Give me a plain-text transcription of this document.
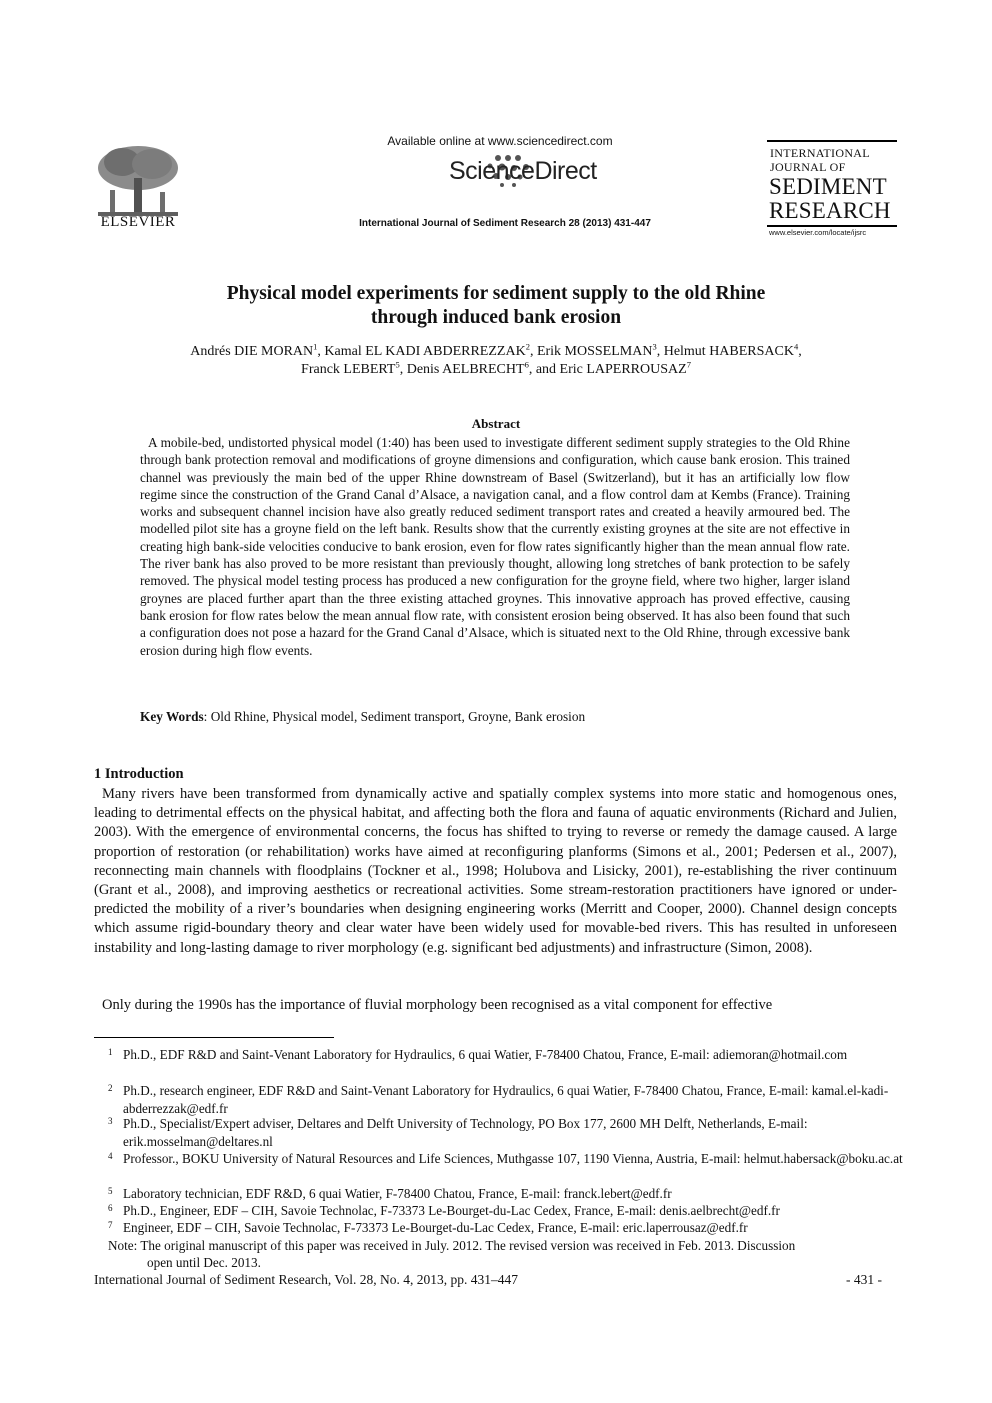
ELSEVIER
Available online at www.sciencedirect.com
ScienceDirect
International Journal of Sediment Research 28 (2013) 431-447
INTERNATIONAL
JOURNAL OF
SEDIMENT
RESEARCH
www.elsevier.com/locate/ijsrc
Physical model experiments for sediment supply to the old Rhine
through induced bank erosion
Andrés DIE MORAN$^1$, Kamal EL KADI ABDERREZZAK$^2$, Erik MOSSELMAN$^3$, Helmut HABERSACK$^4$,
Franck LEBERT$^5$, Denis AELBRECHT$^6$, and Eric LAPERROUSAZ$^7$
Abstract
A mobile-bed, undistorted physical model (1:40) has been used to investigate different sediment supply strategies to the Old Rhine through bank protection removal and modifications of groyne dimensions and configuration, which cause bank erosion. This trained channel was previously the main bed of the upper Rhine downstream of Basel (Switzerland), but it has an artificially low flow regime since the construction of the Grand Canal d’Alsace, a navigation canal, and a flow control dam at Kembs (France). Training works and subsequent channel incision have also greatly reduced sediment transport rates and created a heavily armoured bed. The modelled pilot site has a groyne field on the left bank. Results show that the currently existing groynes at the site are not effective in creating high bank-side velocities conducive to bank erosion, even for flow rates significantly higher than the mean annual flow rate. The river bank has also proved to be more resistant than previously thought, allowing long stretches of bank protection to be safely removed. The physical model testing process has produced a new configuration for the groyne field, where two higher, larger island groynes are placed further apart than the three existing attached groynes. This innovative approach has proved effective, causing bank erosion for flow rates below the mean annual flow rate, with consistent erosion being observed. It has also been found that such a configuration does not pose a hazard for the Grand Canal d’Alsace, which is situated next to the Old Rhine, through excessive bank erosion during high flow events.
Key Words: Old Rhine, Physical model, Sediment transport, Groyne, Bank erosion
1 Introduction
Many rivers have been transformed from dynamically active and spatially complex systems into more static and homogenous ones, leading to detrimental effects on the physical habitat, and affecting both the flora and fauna of aquatic environments (Richard and Julien, 2003). With the emergence of environmental concerns, the focus has shifted to trying to reverse or remedy the damage caused. A large proportion of restoration (or rehabilitation) works have aimed at reconfiguring planforms (Simons et al., 2001; Pedersen et al., 2007), reconnecting main channels with floodplains (Tockner et al., 1998; Holubova and Lisicky, 2001), re-establishing the river continuum (Grant et al., 2008), and improving aesthetics or recreational activities. Some stream-restoration practitioners have ignored or under-predicted the mobility of a river’s boundaries when designing engineering works (Merritt and Cooper, 2000). Channel design concepts which assume rigid-boundary theory and clear water have been widely used for movable-bed rivers. This has resulted in unforeseen instability and long-lasting damage to river morphology (e.g. significant bed adjustments) and infrastructure (Simon, 2008).
Only during the 1990s has the importance of fluvial morphology been recognised as a vital component for effective
1 Ph.D., EDF R&D and Saint-Venant Laboratory for Hydraulics, 6 quai Watier, F-78400 Chatou, France, E-mail: adiemoran@hotmail.com
2 Ph.D., research engineer, EDF R&D and Saint-Venant Laboratory for Hydraulics, 6 quai Watier, F-78400 Chatou, France, E-mail: kamal.el-kadi-abderrezzak@edf.fr
3 Ph.D., Specialist/Expert adviser, Deltares and Delft University of Technology, PO Box 177, 2600 MH Delft, Netherlands, E-mail: erik.mosselman@deltares.nl
4 Professor., BOKU University of Natural Resources and Life Sciences, Muthgasse 107, 1190 Vienna, Austria, E-mail: helmut.habersack@boku.ac.at
5 Laboratory technician, EDF R&D, 6 quai Watier, F-78400 Chatou, France, E-mail: franck.lebert@edf.fr
6 Ph.D., Engineer, EDF – CIH, Savoie Technolac, F-73373 Le-Bourget-du-Lac Cedex, France, E-mail: denis.aelbrecht@edf.fr
7 Engineer, EDF – CIH, Savoie Technolac, F-73373 Le-Bourget-du-Lac Cedex, France, E-mail: eric.laperrousaz@edf.fr
Note: The original manuscript of this paper was received in July. 2012. The revised version was received in Feb. 2013. Discussion
open until Dec. 2013.
International Journal of Sediment Research, Vol. 28, No. 4, 2013, pp. 431–447	- 431 -
